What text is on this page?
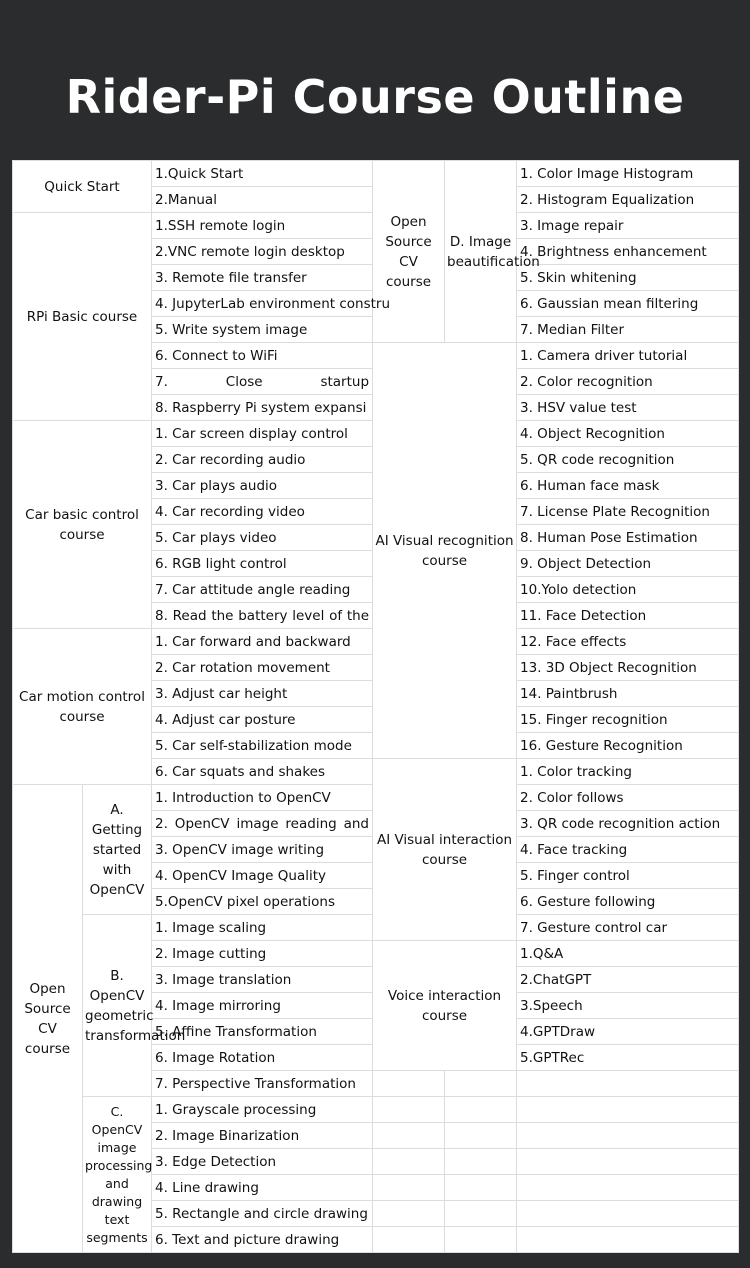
Rider-Pi Course Outline
Quick Start		1.Quick Start	Open Source CV course	D. Image beautification	1. Color Image Histogram
		2.Manual			2. Histogram Equalization
RPi Basic course		1.SSH remote login			3. Image repair
		2.VNC remote login desktop			4. Brightness enhancement
		3. Remote file transfer			5. Skin whitening
		4. JupyterLab environment constru			6. Gaussian mean filtering
		5. Write system image			7. Median Filter
		6. Connect to WiFi	AI Visual recognition course		1. Camera driver tutorial
		7. Close startup			2. Color recognition
		8. Raspberry Pi system expansi			3. HSV value test
Car basic control course		1. Car screen display control			4. Object Recognition
		2. Car recording audio			5. QR code recognition
		3. Car plays audio			6. Human face mask
		4. Car recording video			7. License Plate Recognition
		5. Car plays video			8. Human Pose Estimation
		6. RGB light control			9. Object Detection
		7. Car attitude angle reading			10.Yolo detection
		8. Read the battery level of the			11. Face Detection
Car motion control course		1. Car forward and backward			12. Face effects
		2. Car rotation movement			13. 3D Object Recognition
		3. Adjust car height			14. Paintbrush
		4. Adjust car posture			15. Finger recognition
		5. Car self-stabilization mode			16. Gesture Recognition
		6. Car squats and shakes	AI Visual interaction course		1. Color tracking
Open Source CV course	A. Getting started with OpenCV	1. Introduction to OpenCV			2. Color follows
		2. OpenCV image reading and			3. QR code recognition action
		3. OpenCV image writing			4. Face tracking
		4. OpenCV Image Quality			5. Finger control
		5.OpenCV pixel operations			6. Gesture following
	B. OpenCV geometric transformation	1. Image scaling			7. Gesture control car
		2. Image cutting	Voice interaction course		1.Q&A
		3. Image translation			2.ChatGPT
		4. Image mirroring			3.Speech
		5. Affine Transformation			4.GPTDraw
		6. Image Rotation			5.GPTRec
		7. Perspective Transformation			
	C. OpenCV image processing and drawing text segments	1. Grayscale processing			
		2. Image Binarization			
		3. Edge Detection			
		4. Line drawing			
		5. Rectangle and circle drawing			
		6. Text and picture drawing			
